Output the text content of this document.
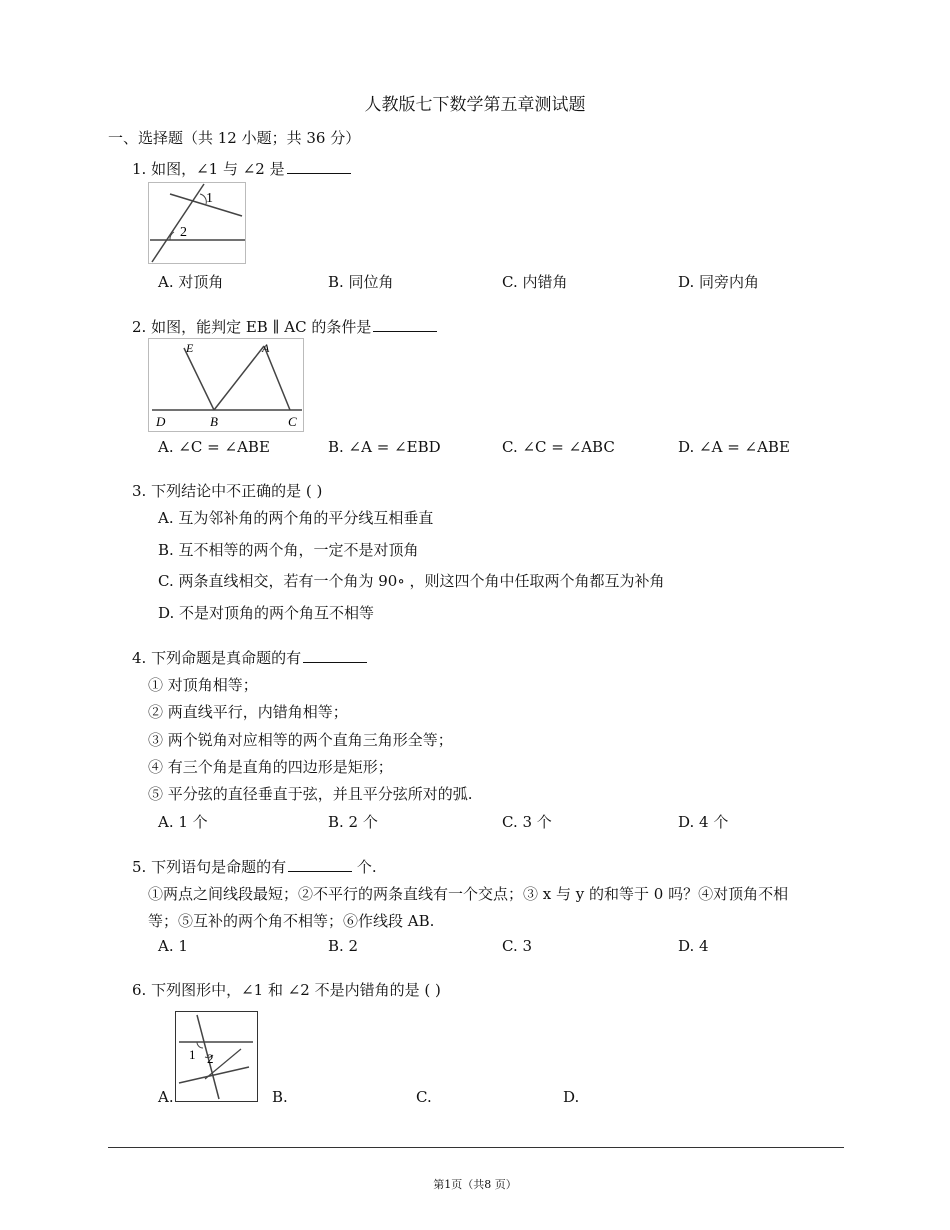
人教版七下数学第五章测试题
一、选择题（共 12 小题；共 36 分）
1. 如图，∠1 与 ∠2 是
1
2
A. 对顶角	B. 同位角	C. 内错角	D. 同旁内角
2. 如图，能判定 EB ∥ AC 的条件是
E	A
D	B	C
A. ∠C = ∠ABE	B. ∠A = ∠EBD	C. ∠C = ∠ABC	D. ∠A = ∠ABE
3. 下列结论中不正确的是 ( )
A. 互为邻补角的两个角的平分线互相垂直
B. 互不相等的两个角，一定不是对顶角
C. 两条直线相交，若有一个角为 90∘ ，则这四个角中任取两个角都互为补角
D. 不是对顶角的两个角互不相等
4. 下列命题是真命题的有
① 对顶角相等；
② 两直线平行，内错角相等；
③ 两个锐角对应相等的两个直角三角形全等；
④ 有三个角是直角的四边形是矩形；
⑤ 平分弦的直径垂直于弦，并且平分弦所对的弧.
A. 1 个	B. 2 个	C. 3 个	D. 4 个
5. 下列语句是命题的有	个.
①两点之间线段最短；②不平行的两条直线有一个交点；③ x 与 y 的和等于 0 吗？④对顶角不相
等；⑤互补的两个角不相等；⑥作线段 AB.
A. 1	B. 2	C. 3	D. 4
6. 下列图形中，∠1 和 ∠2 不是内错角的是 ( )
A.
1 2
B.	C.	D.
第1页（共8 页）
